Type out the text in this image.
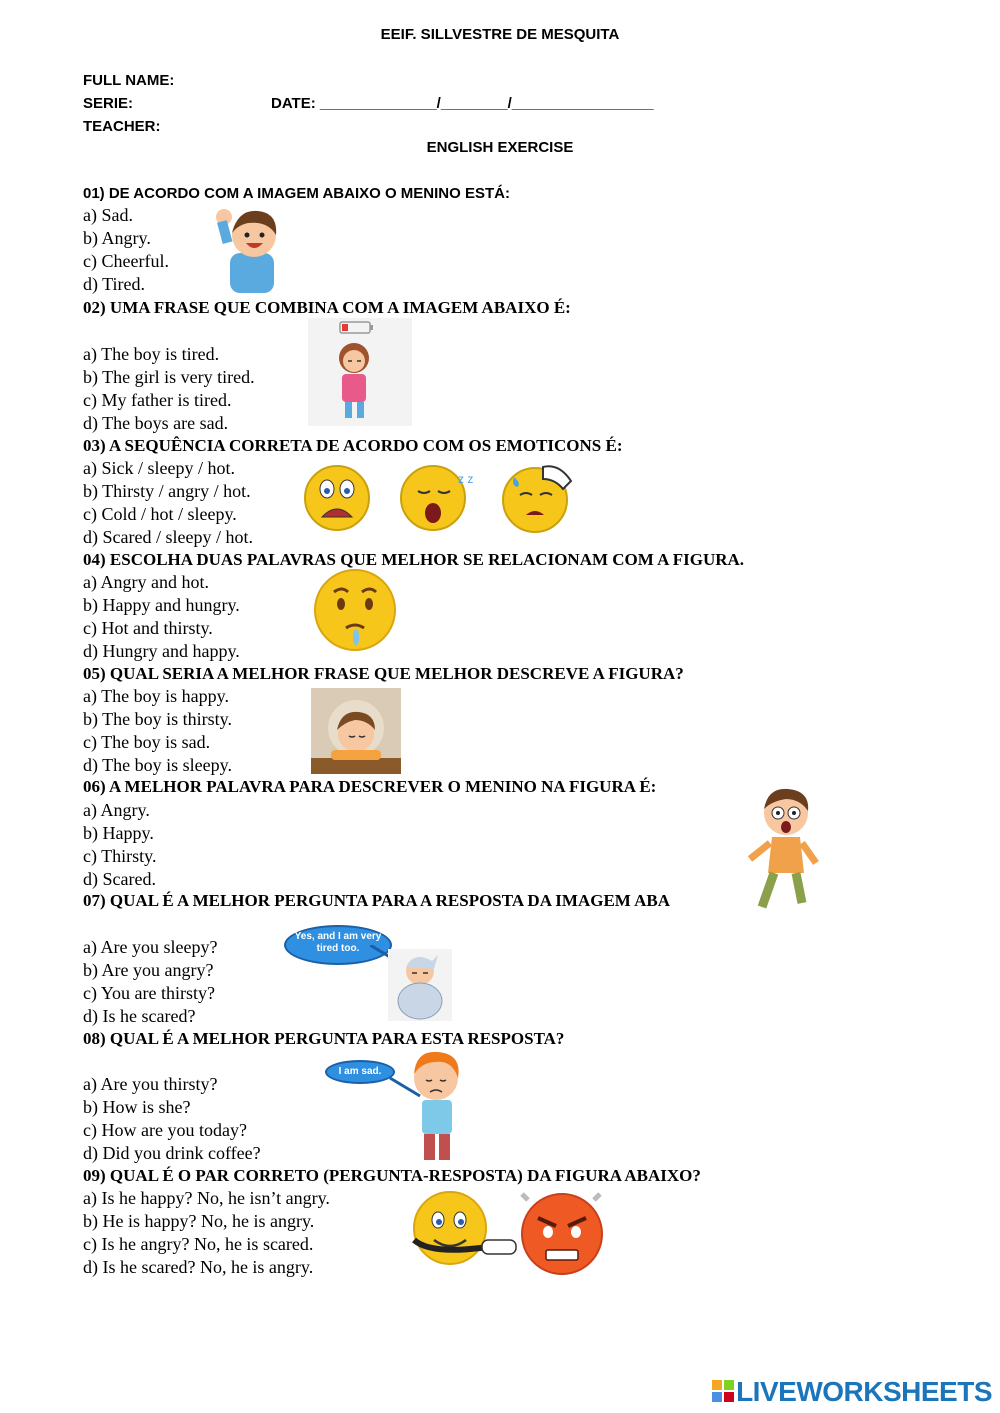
EEIF. SILLVESTRE DE MESQUITA
FULL NAME:
SERIE:	DATE: ______________/________/_________________
TEACHER:
ENGLISH EXERCISE
01) DE ACORDO COM A IMAGEM ABAIXO O MENINO ESTÁ:
a) Sad.
b) Angry.
c) Cheerful.
d) Tired.
02) UMA FRASE QUE COMBINA COM A IMAGEM ABAIXO É:
a) The boy is tired.
b) The girl is very tired.
c) My father is tired.
d) The boys are sad.
03) A SEQUÊNCIA CORRETA DE ACORDO COM OS EMOTICONS É:
a) Sick / sleepy / hot.
b) Thirsty / angry / hot.
c) Cold / hot / sleepy.
d) Scared / sleepy / hot.
z z
04) ESCOLHA DUAS PALAVRAS QUE MELHOR SE RELACIONAM COM A FIGURA.
a) Angry and hot.
b) Happy and hungry.
c) Hot and thirsty.
d) Hungry and happy.
05) QUAL SERIA A MELHOR FRASE QUE MELHOR DESCREVE A FIGURA?
a) The boy is happy.
b) The boy is thirsty.
c) The boy is sad.
d) The boy is sleepy.
06) A MELHOR PALAVRA PARA DESCREVER O MENINO NA FIGURA É:
a) Angry.
b) Happy.
c) Thirsty.
d) Scared.
07) QUAL É A MELHOR PERGUNTA PARA A RESPOSTA DA IMAGEM ABA
a) Are you sleepy?
b) Are you angry?
c) You are thirsty?
d) Is he scared?
Yes, and I am very tired too.
08) QUAL É A MELHOR PERGUNTA PARA ESTA RESPOSTA?
a) Are you thirsty?
b) How is she?
c) How are you today?
d) Did you drink coffee?
I am sad.
09) QUAL É O PAR CORRETO (PERGUNTA-RESPOSTA) DA FIGURA ABAIXO?
a) Is he happy? No, he isn’t angry.
b) He is happy? No, he is angry.
c) Is he angry? No, he is scared.
d) Is he scared? No, he is angry.
LIVEWORKSHEETS
